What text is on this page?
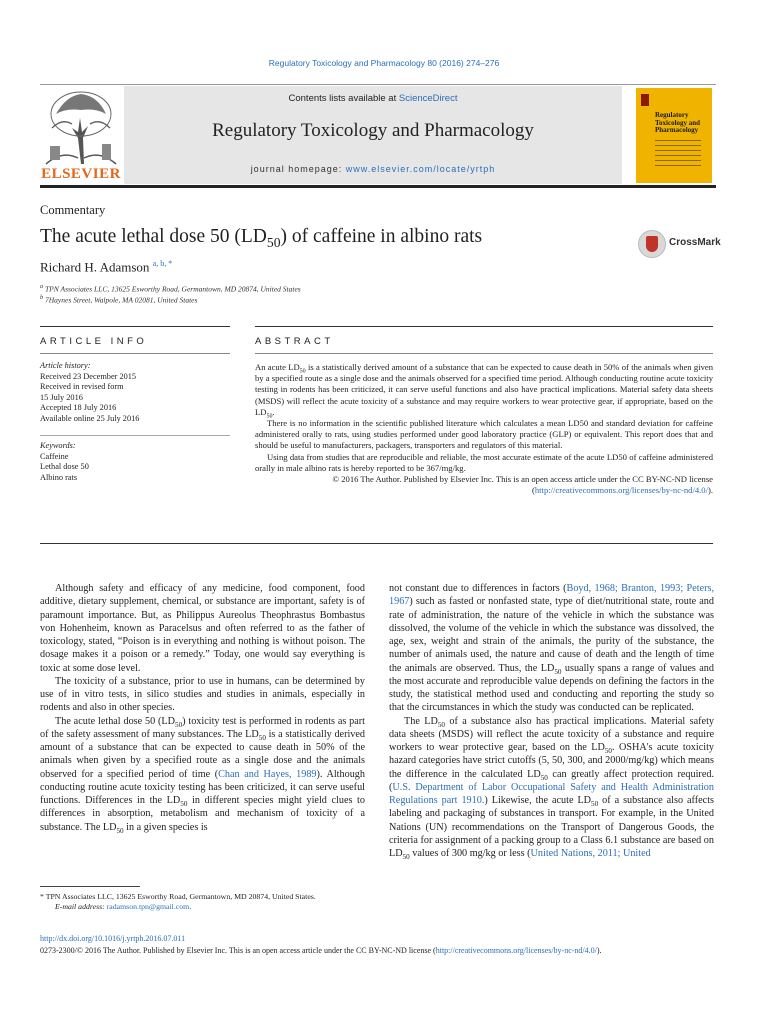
Regulatory Toxicology and Pharmacology 80 (2016) 274–276
ELSEVIER
Contents lists available at ScienceDirect
Regulatory Toxicology and Pharmacology
journal homepage: www.elsevier.com/locate/yrtph
Regulatory Toxicology and Pharmacology
Commentary
The acute lethal dose 50 $(LD_{50})$ of caffeine in albino rats
Richard H. Adamson $^{a, b, *}$
$^a$ TPN Associates LLC, 13625 Esworthy Road, Germantown, MD 20874, United States
$^b$ 7Haynes Street, Walpole, MA 02081, United States
CrossMark
ARTICLE INFO	ABSTRACT
Article history:
Received 23 December 2015
Received in revised form
15 July 2016
Accepted 18 July 2016
Available online 25 July 2016
Keywords:
Caffeine
Lethal dose 50
Albino rats

An acute $LD_{50}$ is a statistically derived amount of a substance that can be expected to cause death in 50% of the animals when given by a specified route as a single dose and the animals observed for a specified time period. Although conducting routine acute toxicity testing in rodents has been criticized, it can serve useful functions and also have practical implications. Material safety data sheets (MSDS) will reflect the acute toxicity of a substance and may require workers to wear protective gear, if appropriate, based on the $LD_{50}$.

There is no information in the scientific published literature which calculates a mean LD50 and standard deviation for caffeine administered orally to rats, using studies performed under good laboratory practice (GLP) or equivalent. This report does that and should be useful to manufacturers, packagers, transporters and regulators of this material.

Using data from studies that are reproducible and reliable, the most accurate estimate of the acute LD50 of caffeine administered orally in male albino rats is hereby reported to be 367/mg/kg.

© 2016 The Author. Published by Elsevier Inc. This is an open access article under the CC BY-NC-ND license (http://creativecommons.org/licenses/by-nc-nd/4.0/).

Although safety and efficacy of any medicine, food component, food additive, dietary supplement, chemical, or substance are important, safety is of paramount importance. But, as Philippus Aureolus Theophrastus Bombastus von Hohenheim, known as Paracelsus and often referred to as the father of toxicology, stated, “Poison is in everything and nothing is without poison. The dosage makes it a poison or a remedy.” Today, one would say everything is toxic at some dose level.

The toxicity of a substance, prior to use in humans, can be determined by use of in vitro tests, in silico studies and studies in animals, especially in rodents and also in other species.

The acute lethal dose 50 $(LD_{50})$ toxicity test is performed in rodents as part of the safety assessment of many substances. The $LD_{50}$ is a statistically derived amount of a substance that can be expected to cause death in 50% of the animals when given by a specified route as a single dose and the animals observed for a specified period of time (Chan and Hayes, 1989). Although conducting routine acute toxicity testing has been criticized, it can serve useful functions. Differences in the $LD_{50}$ in different species might yield clues to differences in absorption, metabolism and mechanism of toxicity of a substance. The $LD_{50}$ in a given species is

not constant due to differences in factors (Boyd, 1968; Branton, 1993; Peters, 1967) such as fasted or nonfasted state, type of diet/nutritional state, route and rate of administration, the nature of the vehicle in which the substance was dissolved, the volume of the vehicle in which the substance was dissolved, the age, sex, weight and strain of the animals, the purity of the substance, the number of animals used, the nature and cause of death and the length of time the animals are observed. Thus, the $LD_{50}$ usually spans a range of values and the most accurate and reproducible value depends on defining the factors in the study, the statistical method used and conducting and reporting the study so that the circumstances in which the study was conducted can be replicated.

The $LD_{50}$ of a substance also has practical implications. Material safety data sheets (MSDS) will reflect the acute toxicity of a substance and require workers to wear protective gear, based on the $LD_{50}$. OSHA's acute toxicity hazard categories have strict cutoffs (5, 50, 300, and 2000/mg/kg) which means the difference in the calculated $LD_{50}$ can greatly affect protection required. (U.S. Department of Labor Occupational Safety and Health Administration Regulations part 1910.) Likewise, the acute $LD_{50}$ of a substance also affects labeling and packaging of substances in transport. For example, in the United Nations (UN) recommendations on the Transport of Dangerous Goods, the criteria for assignment of a packing group to a Class 6.1 substance are based on $LD_{50}$ values of 300 mg/kg or less (United Nations, 2011; United

* TPN Associates LLC, 13625 Esworthy Road, Germantown, MD 20874, United States.

E-mail address: radamson.tpn@gmail.com.

http://dx.doi.org/10.1016/j.yrtph.2016.07.011
0273-2300/© 2016 The Author. Published by Elsevier Inc. This is an open access article under the CC BY-NC-ND license (http://creativecommons.org/licenses/by-nc-nd/4.0/).
